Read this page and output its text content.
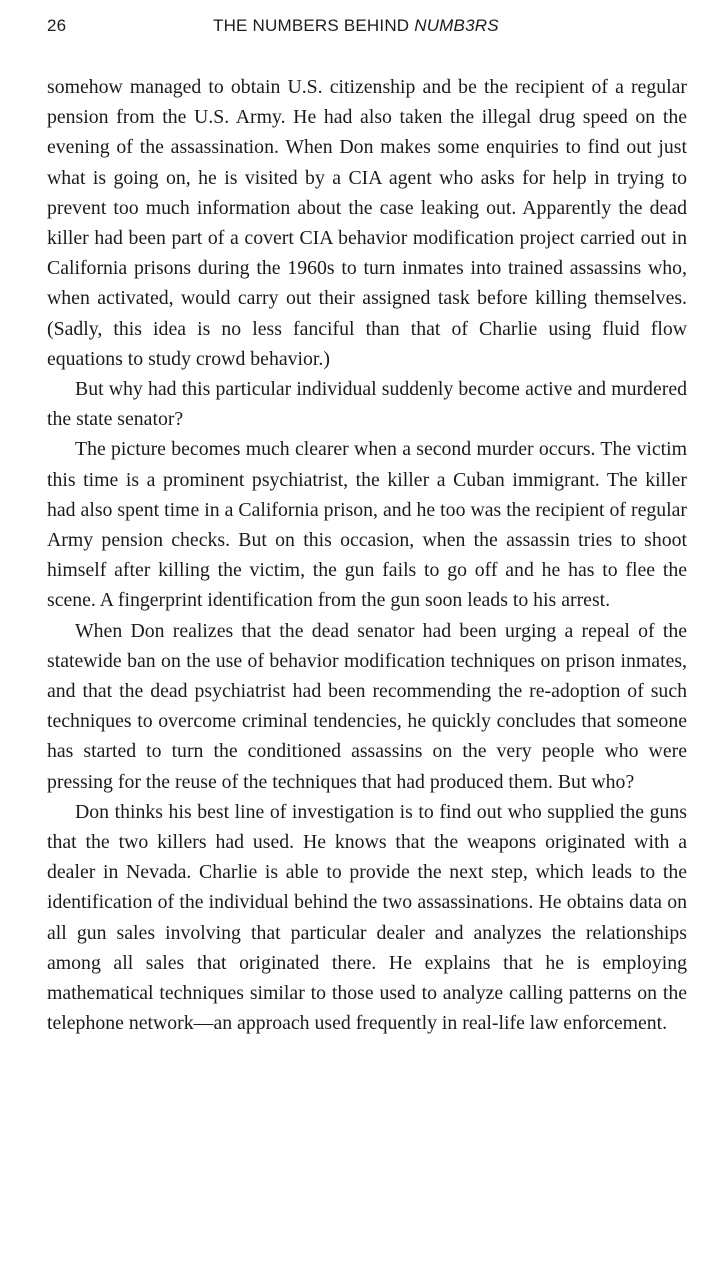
26	THE NUMBERS BEHIND NUMB3RS

somehow managed to obtain U.S. citizenship and be the recipient of a regular pension from the U.S. Army. He had also taken the illegal drug speed on the evening of the assassination. When Don makes some enquiries to find out just what is going on, he is visited by a CIA agent who asks for help in trying to prevent too much information about the case leaking out. Apparently the dead killer had been part of a covert CIA behavior modification project carried out in California prisons during the 1960s to turn inmates into trained assassins who, when activated, would carry out their assigned task before killing themselves. (Sadly, this idea is no less fanciful than that of Charlie using fluid flow equations to study crowd behavior.)

But why had this particular individual suddenly become active and murdered the state senator?

The picture becomes much clearer when a second murder occurs. The victim this time is a prominent psychiatrist, the killer a Cuban immigrant. The killer had also spent time in a California prison, and he too was the recipient of regular Army pension checks. But on this occasion, when the assassin tries to shoot himself after killing the victim, the gun fails to go off and he has to flee the scene. A fingerprint identification from the gun soon leads to his arrest.

When Don realizes that the dead senator had been urging a repeal of the statewide ban on the use of behavior modification techniques on prison inmates, and that the dead psychiatrist had been recommending the re-adoption of such techniques to overcome criminal tendencies, he quickly concludes that someone has started to turn the conditioned assassins on the very people who were pressing for the reuse of the techniques that had produced them. But who?

Don thinks his best line of investigation is to find out who supplied the guns that the two killers had used. He knows that the weapons originated with a dealer in Nevada. Charlie is able to provide the next step, which leads to the identification of the individual behind the two assassinations. He obtains data on all gun sales involving that particular dealer and analyzes the relationships among all sales that originated there. He explains that he is employing mathematical techniques similar to those used to analyze calling patterns on the telephone network—an approach used frequently in real-life law enforcement.
